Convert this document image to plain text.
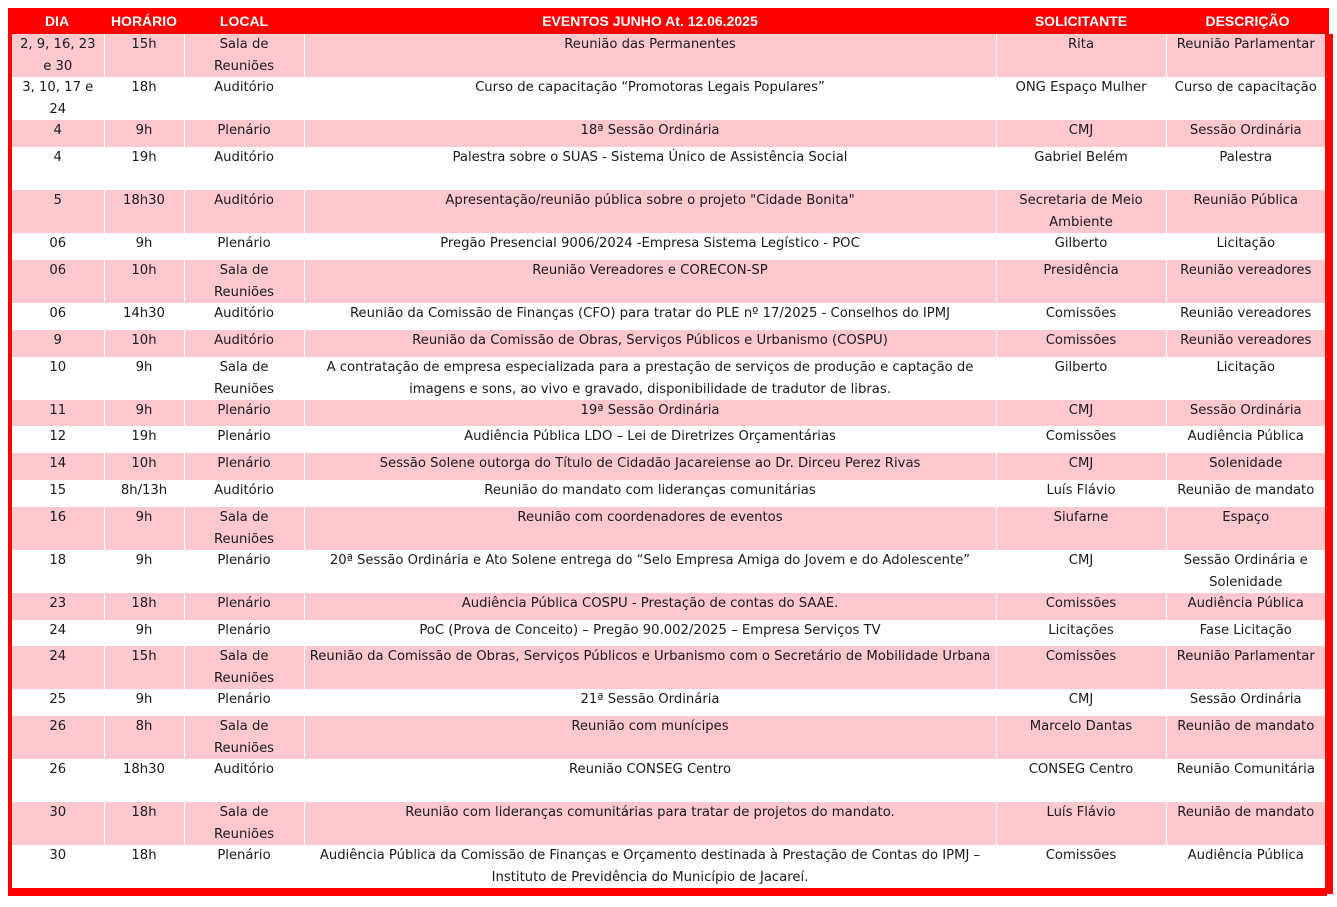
DIA	HORÁRIO	LOCAL	EVENTOS JUNHO At. 12.06.2025	SOLICITANTE	DESCRIÇÃO
2, 9, 16, 23 e 30	15h	Sala de Reuniões	Reunião das Permanentes	Rita	Reunião Parlamentar
3, 10, 17 e 24	18h	Auditório	Curso de capacitação “Promotoras Legais Populares”	ONG Espaço Mulher	Curso de capacitação
4	9h	Plenário	18ª Sessão Ordinária	CMJ	Sessão Ordinária
4	19h	Auditório	Palestra sobre o SUAS - Sistema Único de Assistência Social	Gabriel Belém	Palestra
5	18h30	Auditório	Apresentação/reunião pública sobre o projeto "Cidade Bonita"	Secretaria de Meio Ambiente	Reunião Pública
06	9h	Plenário	Pregão Presencial 9006/2024 -Empresa Sistema Legístico - POC	Gilberto	Licitação
06	10h	Sala de Reuniões	Reunião Vereadores e CORECON-SP	Presidência	Reunião vereadores
06	14h30	Auditório	Reunião da Comissão de Finanças (CFO) para tratar do PLE nº 17/2025 - Conselhos do IPMJ	Comissões	Reunião vereadores
9	10h	Auditório	Reunião da Comissão de Obras, Serviços Públicos e Urbanismo (COSPU)	Comissões	Reunião vereadores
10	9h	Sala de Reuniões	A contratação de empresa especializada para a prestação de serviços de produção e captação de imagens e sons, ao vivo e gravado, disponibilidade de tradutor de libras.	Gilberto	Licitação
11	9h	Plenário	19ª Sessão Ordinária	CMJ	Sessão Ordinária
12	19h	Plenário	Audiência Pública LDO – Lei de Diretrizes Orçamentárias	Comissões	Audiência Pública
14	10h	Plenário	Sessão Solene outorga do Título de Cidadão Jacareiense ao Dr. Dirceu Perez Rivas	CMJ	Solenidade
15	8h/13h	Auditório	Reunião do mandato com lideranças comunitárias	Luís Flávio	Reunião de mandato
16	9h	Sala de Reuniões	Reunião com coordenadores de eventos	Siufarne	Espaço
18	9h	Plenário	20ª Sessão Ordinária e Ato Solene entrega do “Selo Empresa Amiga do Jovem e do Adolescente”	CMJ	Sessão Ordinária e Solenidade
23	18h	Plenário	Audiência Pública COSPU - Prestação de contas do SAAE.	Comissões	Audiência Pública
24	9h	Plenário	PoC (Prova de Conceito) – Pregão 90.002/2025 – Empresa Serviços TV	Licitações	Fase Licitação
24	15h	Sala de Reuniões	Reunião da Comissão de Obras, Serviços Públicos e Urbanismo com o Secretário de Mobilidade Urbana	Comissões	Reunião Parlamentar
25	9h	Plenário	21ª Sessão Ordinária	CMJ	Sessão Ordinária
26	8h	Sala de Reuniões	Reunião com munícipes	Marcelo Dantas	Reunião de mandato
26	18h30	Auditório	Reunião CONSEG Centro	CONSEG Centro	Reunião Comunitária
30	18h	Sala de Reuniões	Reunião com lideranças comunitárias para tratar de projetos do mandato.	Luís Flávio	Reunião de mandato
30	18h	Plenário	Audiência Pública da Comissão de Finanças e Orçamento destinada à Prestação de Contas do IPMJ – Instituto de Previdência do Município de Jacareí.	Comissões	Audiência Pública
